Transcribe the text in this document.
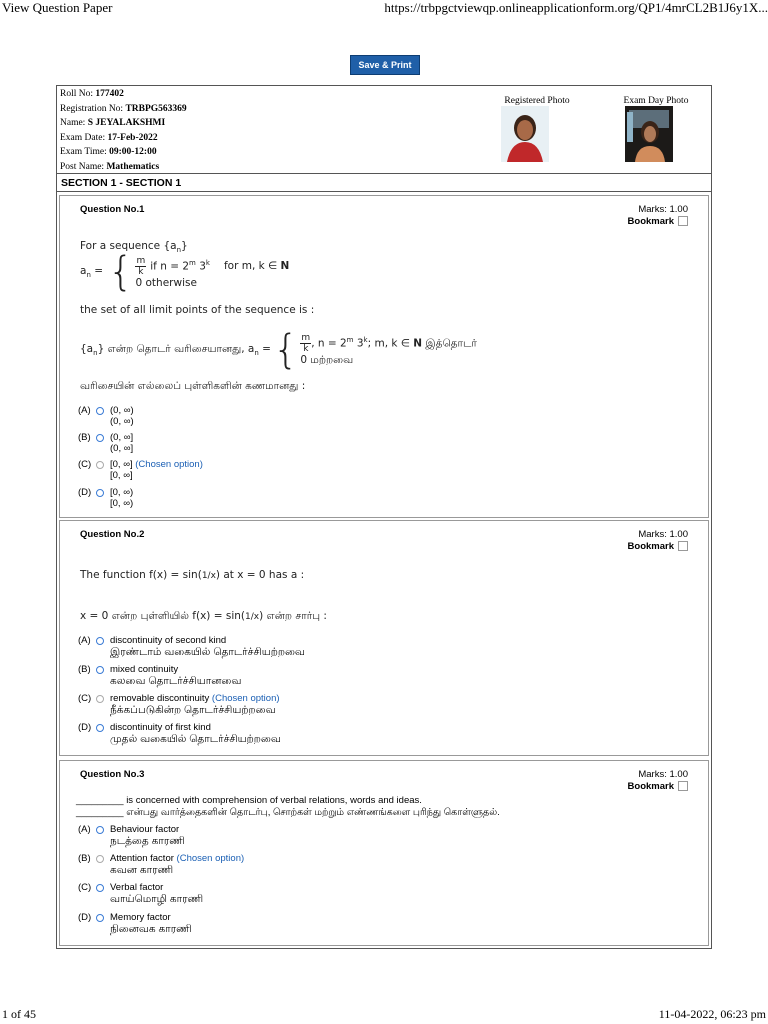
View Question Paper	https://trbpgctviewqp.onlineapplicationform.org/QP1/4mrCL2B1J6y1X...
Save & Print
Roll No: 177402
Registration No: TRBPG563369
Name: S JEYALAKSHMI
Exam Date: 17-Feb-2022
Exam Time: 09:00-12:00
Post Name: Mathematics
Registered Photo	Exam Day Photo
SECTION 1 - SECTION 1
Question No.1	Marks: 1.00
Bookmark
For a sequence $\{a_n\}$
$a_n$ = { $\frac{m}{k}$ if $n = 2^m$ 3$^k$ for m, k ∈ N
0 otherwise
the set of all limit points of the sequence is :
$\{a_n\}$ என்ற தொடர் வரிசையானது, $a_n$ = { $\frac{m}{k}$ , $n = 2^m$ 3$^k$; m, k ∈ N இத்தொடர்
0 மற்றவை
வரிசையின் எல்லைப் புள்ளிகளின் கணமானது :
(A)	(0, ∞)
(0, ∞)
(B)	(0, ∞]
(0, ∞]
(C)	[0, ∞] (Chosen option)
[0, ∞]
(D)	[0, ∞)
[0, ∞)
Question No.2	Marks: 1.00
Bookmark
The function f(x) = sin(1/x) at x = 0 has a :
x = 0 என்ற புள்ளியில் f(x) = sin(1/x) என்ற சார்பு :
(A)	discontinuity of second kind
இரண்டாம் வகையில் தொடர்ச்சியற்றவை
(B)	mixed continuity
கலவை தொடர்ச்சியானவை
(C)	removable discontinuity (Chosen option)
நீக்கப்படுகின்ற தொடர்ச்சியற்றவை
(D)	discontinuity of first kind
முதல் வகையில் தொடர்ச்சியற்றவை
Question No.3	Marks: 1.00
Bookmark
_________ is concerned with comprehension of verbal relations, words and ideas.
_________ என்பது வார்த்தைகளின் தொடர்பு, சொற்கள் மற்றும் எண்ணங்களை புரிந்து கொள்ளுதல்.
(A)	Behaviour factor
நடத்தை காரணி
(B)	Attention factor (Chosen option)
கவன காரணி
(C)	Verbal factor
வாய்மொழி காரணி
(D)	Memory factor
நினைவக காரணி
1 of 45	11-04-2022, 06:23 pm
